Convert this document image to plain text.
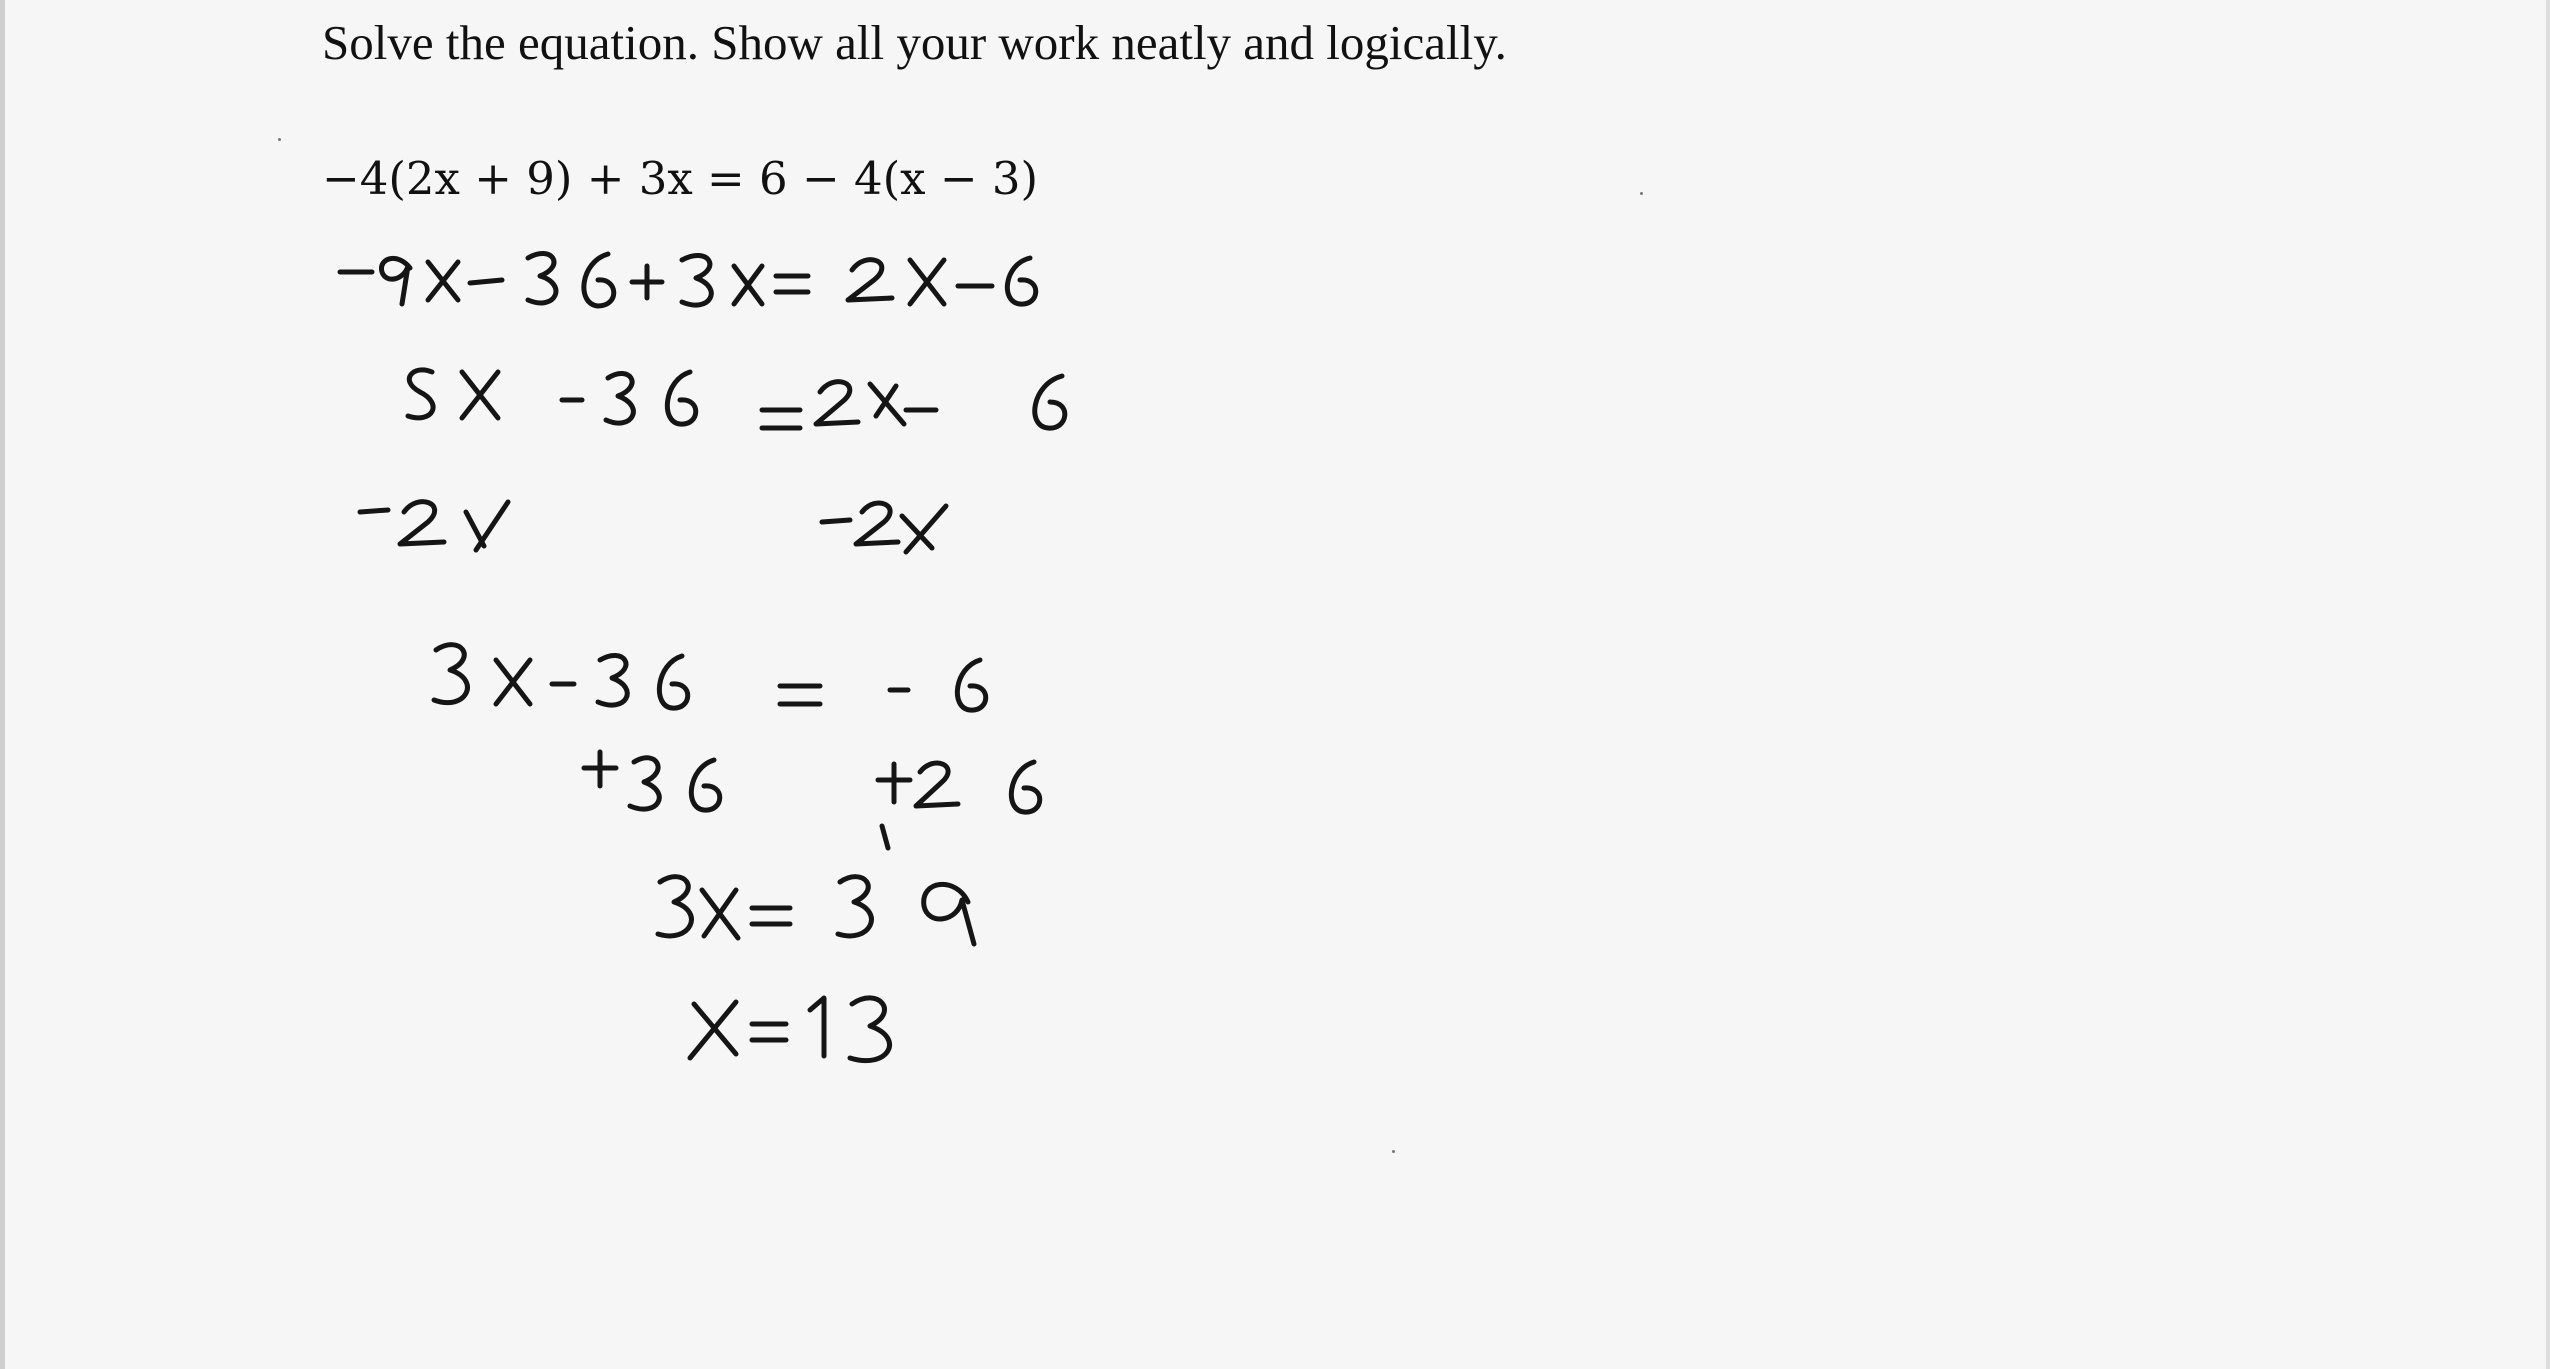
Solve the equation. Show all your work neatly and logically.
−4(2x + 9) + 3x = 6 − 4(x − 3)
-8x-36+3x= 2x-6
5x -36 =2x-6
-2x	-2x
3x - 36 = -6
+36	+36
3x= 39
x=13
